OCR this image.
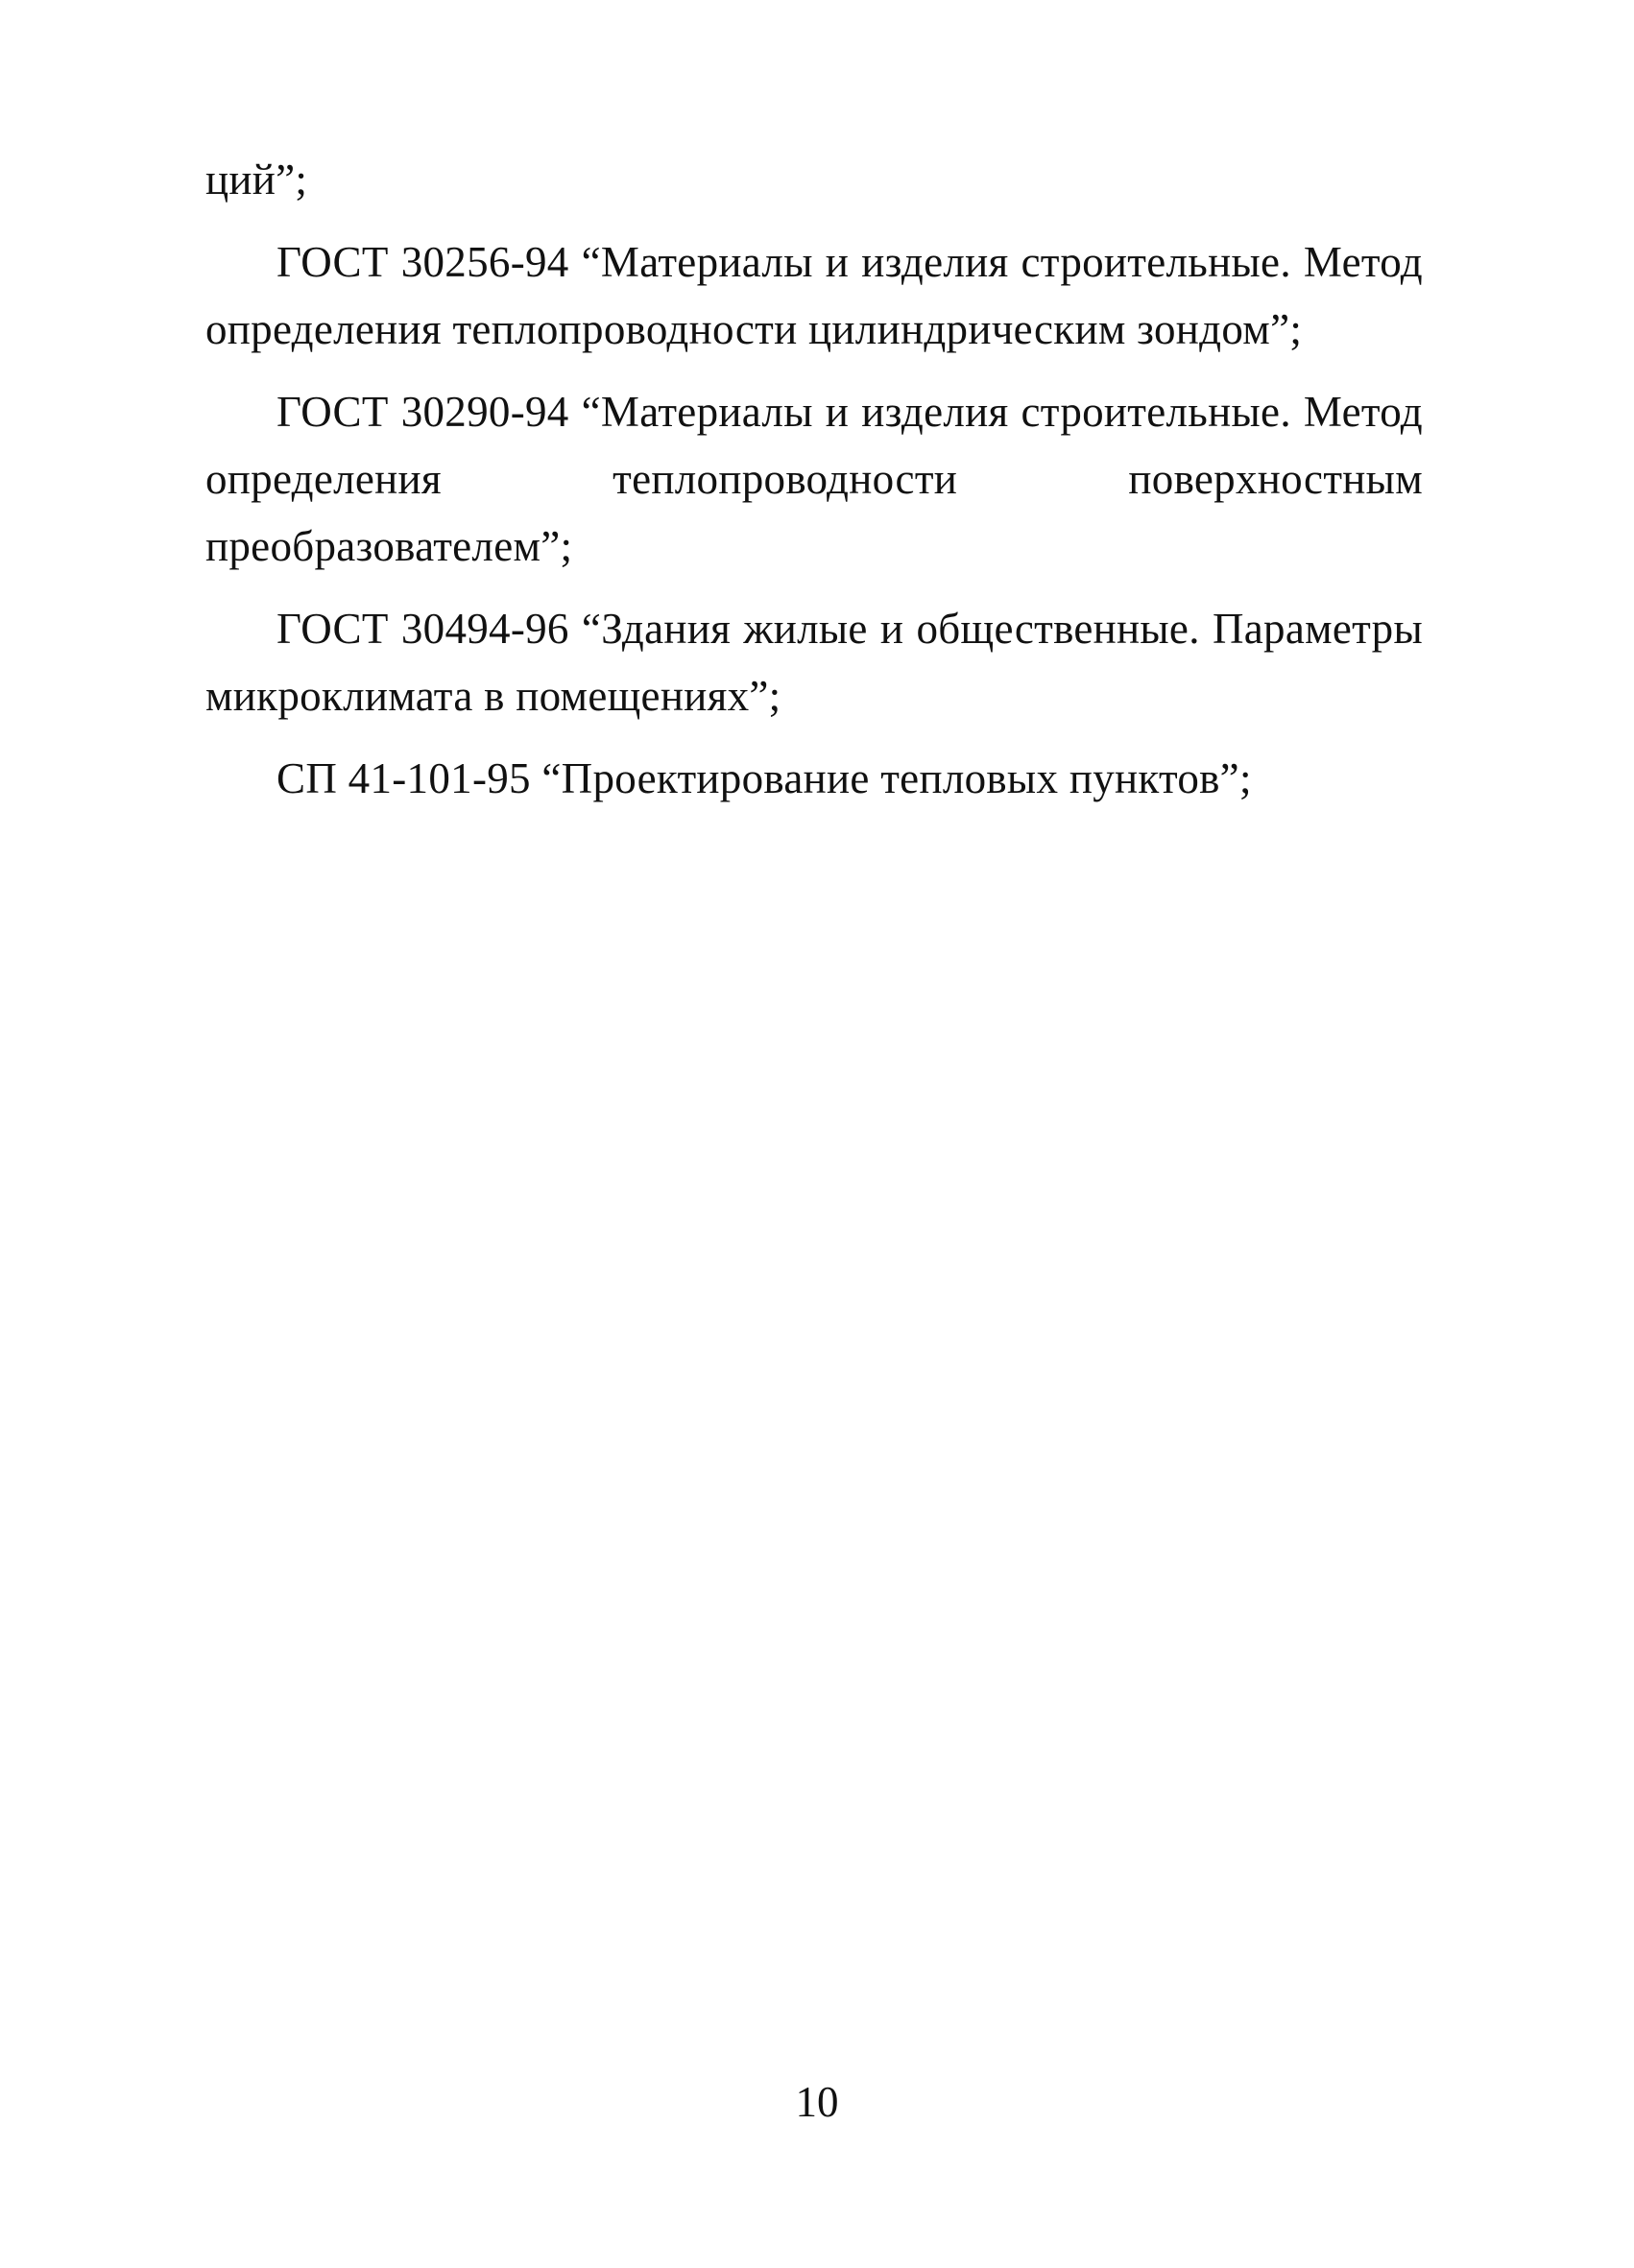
ций”;

ГОСТ 30256-94 “Материалы и изделия строительные. Метод определения теплопроводности цилиндрическим зондом”;

ГОСТ 30290-94 “Материалы и изделия строительные. Метод определения теплопроводности поверхностным преобразователем”;

ГОСТ 30494-96 “Здания жилые и общественные. Параметры микроклимата в помещениях”;

СП 41-101-95 “Проектирование тепловых пунктов”;

10
